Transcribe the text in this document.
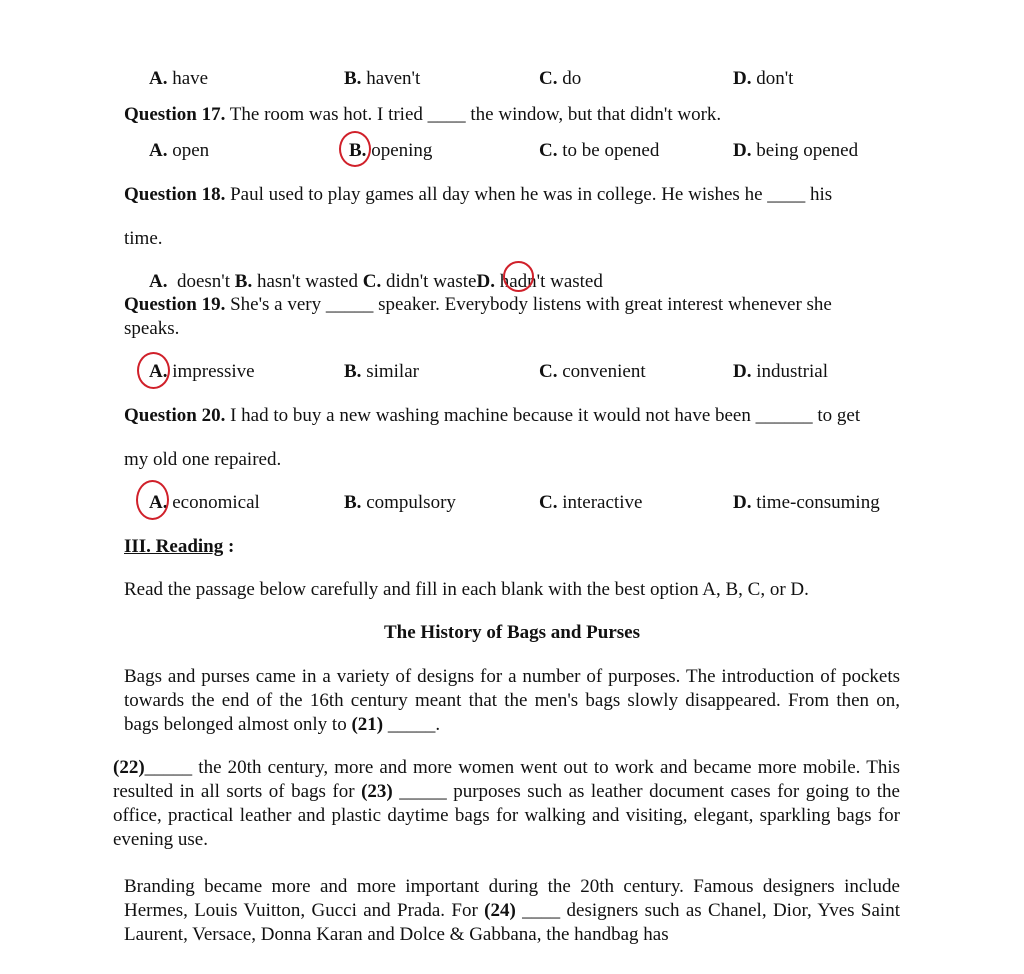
A. have	B. haven't	C. do	D. don't
Question 17. The room was hot. I tried ____ the window, but that didn't work.
A. open	B. opening	C. to be opened	D. being opened
Question 18. Paul used to play games all day when he was in college. He wishes he ____ his
time.
A. doesn't B. hasn't wasted C. didn't wasteD. hadn't wasted
Question 19. She's a very _____ speaker. Everybody listens with great interest whenever she
speaks.
A. impressive	B. similar	C. convenient	D. industrial
Question 20. I had to buy a new washing machine because it would not have been ______ to get
my old one repaired.
A. economical	B. compulsory	C. interactive	D. time-consuming
III. Reading :
Read the passage below carefully and fill in each blank with the best option A, B, C, or D.
The History of Bags and Purses
Bags and purses came in a variety of designs for a number of purposes. The introduction of pockets towards the end of the 16th century meant that the men's bags slowly disappeared. From then on, bags belonged almost only to (21) _____.
(22)_____ the 20th century, more and more women went out to work and became more mobile. This resulted in all sorts of bags for (23) _____ purposes such as leather document cases for going to the office, practical leather and plastic daytime bags for walking and visiting, elegant, sparkling bags for evening use.
Branding became more and more important during the 20th century. Famous designers include Hermes, Louis Vuitton, Gucci and Prada. For (24) ____ designers such as Chanel, Dior, Yves Saint Laurent, Versace, Donna Karan and Dolce & Gabbana, the handbag has
